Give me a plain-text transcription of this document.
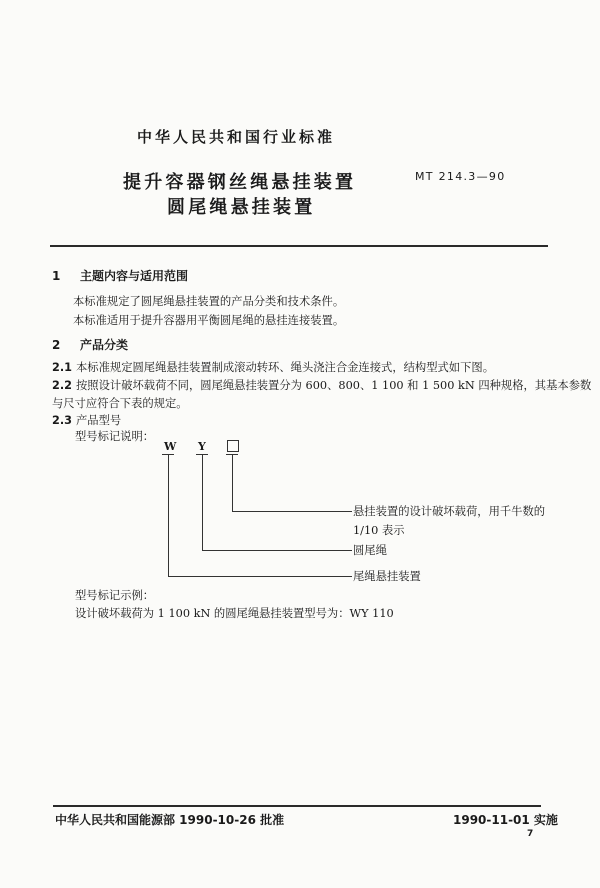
中华人民共和国行业标准
提升容器钢丝绳悬挂装置
圆尾绳悬挂装置
MT 214.3—90
1 主题内容与适用范围
本标准规定了圆尾绳悬挂装置的产品分类和技术条件。
本标准适用于提升容器用平衡圆尾绳的悬挂连接装置。
2 产品分类
2.1 本标准规定圆尾绳悬挂装置制成滚动转环、绳头浇注合金连接式，结构型式如下图。
2.2 按照设计破坏载荷不同，圆尾绳悬挂装置分为 600、800、1 100 和 1 500 kN 四种规格，其基本参数
与尺寸应符合下表的规定。
2.3 产品型号
型号标记说明：
W Y
悬挂装置的设计破坏载荷，用千牛数的
1/10 表示
圆尾绳
尾绳悬挂装置
型号标记示例：
设计破坏载荷为 1 100 kN 的圆尾绳悬挂装置型号为：WY 110
中华人民共和国能源部 1990-10-26 批准	1990-11-01 实施
7
